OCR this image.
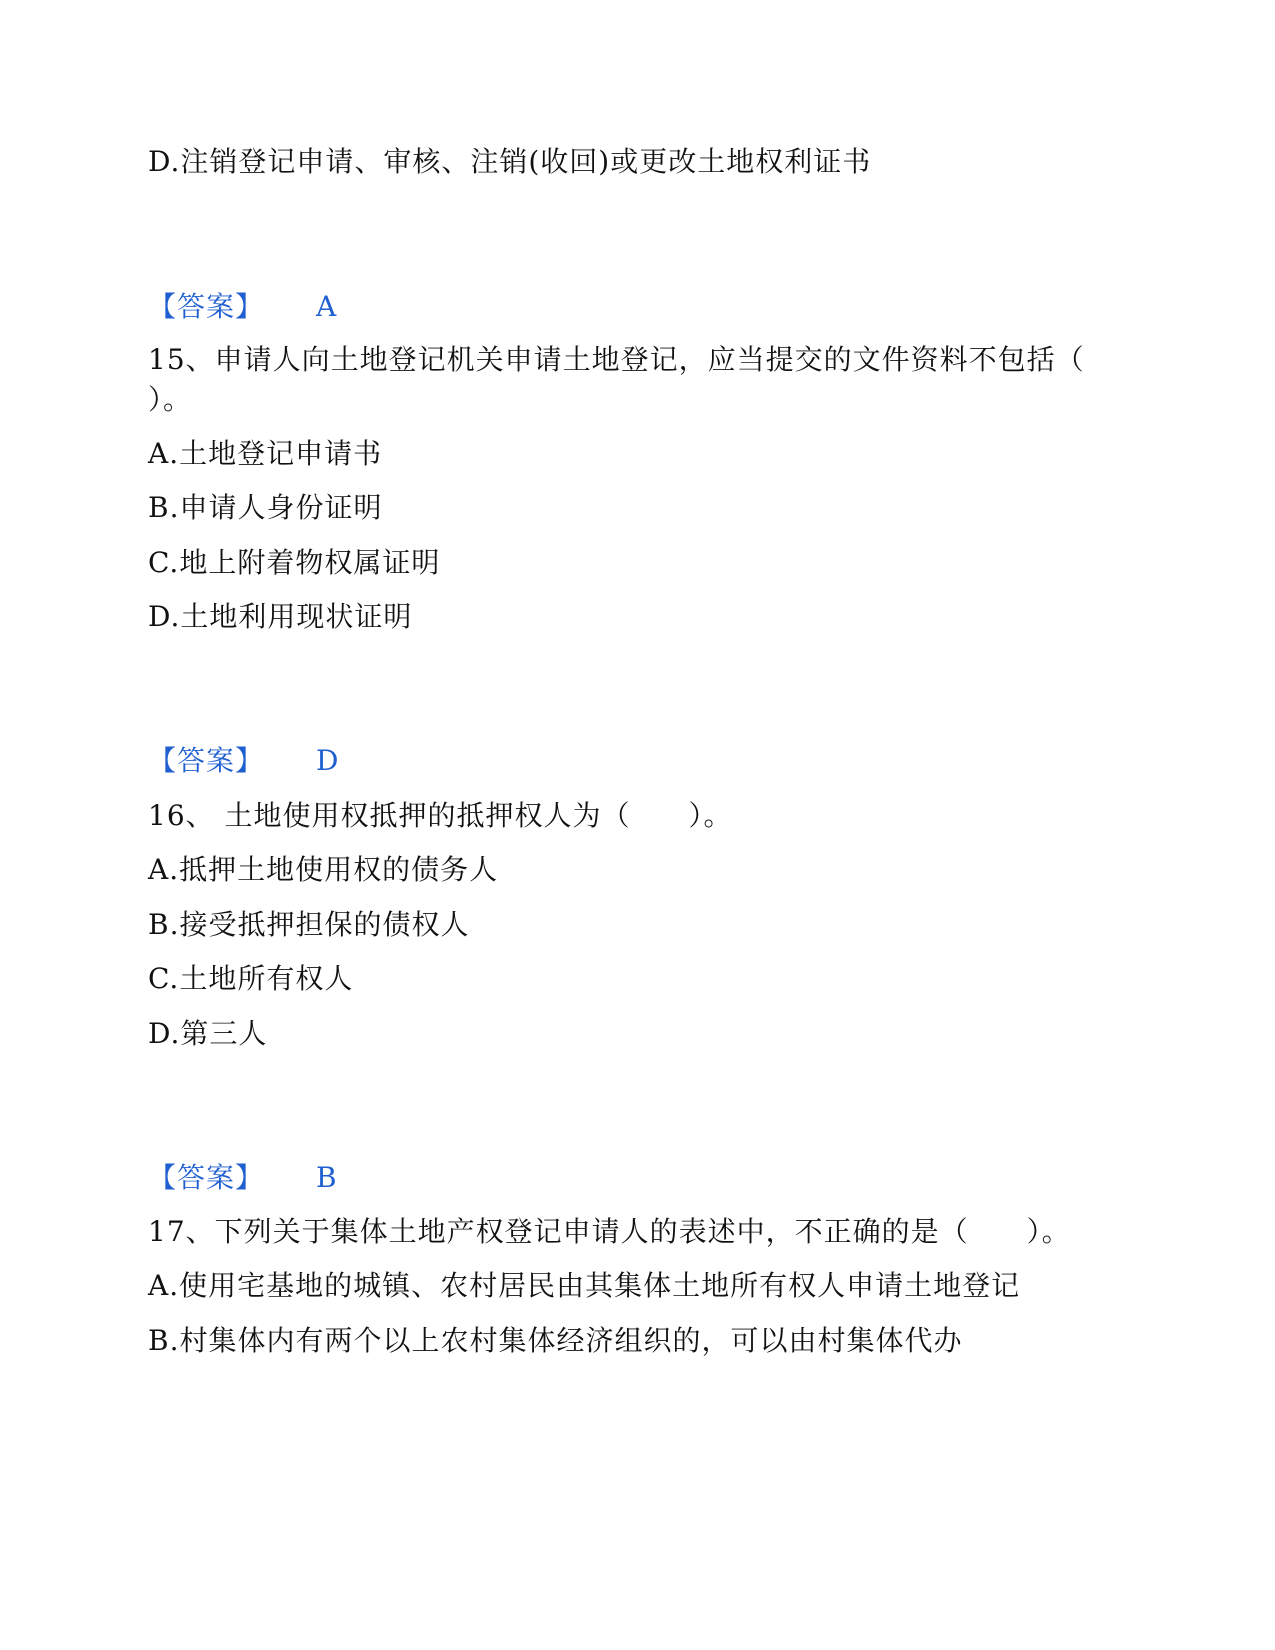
D.注销登记申请、审核、注销(收回)或更改土地权利证书
【答案】 A
15、申请人向土地登记机关申请土地登记，应当提交的文件资料不包括（
）。
A.土地登记申请书
B.申请人身份证明
C.地上附着物权属证明
D.土地利用现状证明
【答案】 D
16、 土地使用权抵押的抵押权人为（　　）。
A.抵押土地使用权的债务人
B.接受抵押担保的债权人
C.土地所有权人
D.第三人
【答案】 B
17、下列关于集体土地产权登记申请人的表述中，不正确的是（　　）。
A.使用宅基地的城镇、农村居民由其集体土地所有权人申请土地登记
B.村集体内有两个以上农村集体经济组织的，可以由村集体代办
